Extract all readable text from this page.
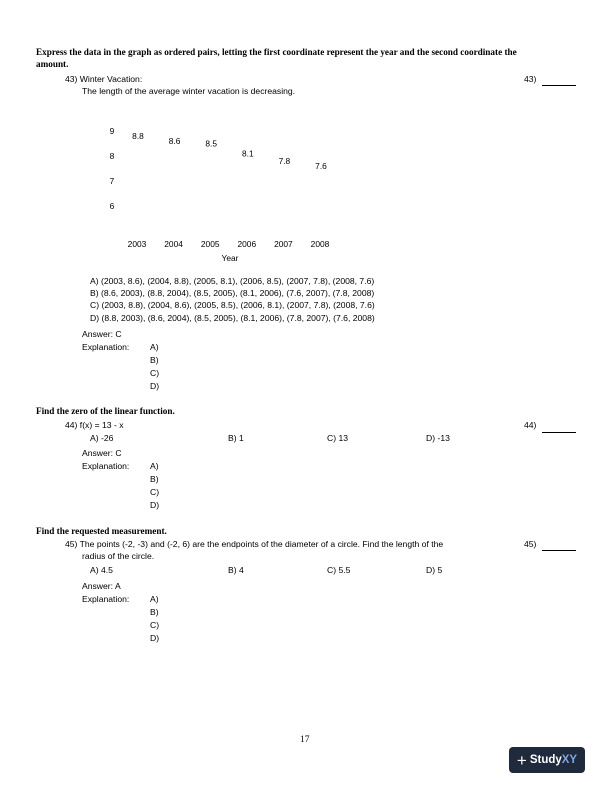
Express the data in the graph as ordered pairs, letting the first coordinate represent the year and the second coordinate the
amount.
43) Winter Vacation:	43)
The length of the average winter vacation is decreasing.
9
8
7
6
8.8	8.6	8.5
8.1
7.8	7.6
2003 2004 2005 2006 2007 2008
Year
A) (2003, 8.6), (2004, 8.8), (2005, 8.1), (2006, 8.5), (2007, 7.8), (2008, 7.6)
B) (8.6, 2003), (8.8, 2004), (8.5, 2005), (8.1, 2006), (7.6, 2007), (7.8, 2008)
C) (2003, 8.8), (2004, 8.6), (2005, 8.5), (2006, 8.1), (2007, 7.8), (2008, 7.6)
D) (8.8, 2003), (8.6, 2004), (8.5, 2005), (8.1, 2006), (7.8, 2007), (7.6, 2008)
Answer: C
Explanation: A)
B)
C)
D)
Find the zero of the linear function.
44) f(x) = 13 - x	44)
A) -26	B) 1	C) 13	D) -13
Answer: C
Explanation: A)
B)
C)
D)
Find the requested measurement.
45) The points (-2, -3) and (-2, 6) are the endpoints of the diameter of a circle. Find the length of the	45)
radius of the circle.
A) 4.5	B) 4	C) 5.5	D) 5
Answer: A
Explanation: A)
B)
C)
D)
17
+ StudyXY
